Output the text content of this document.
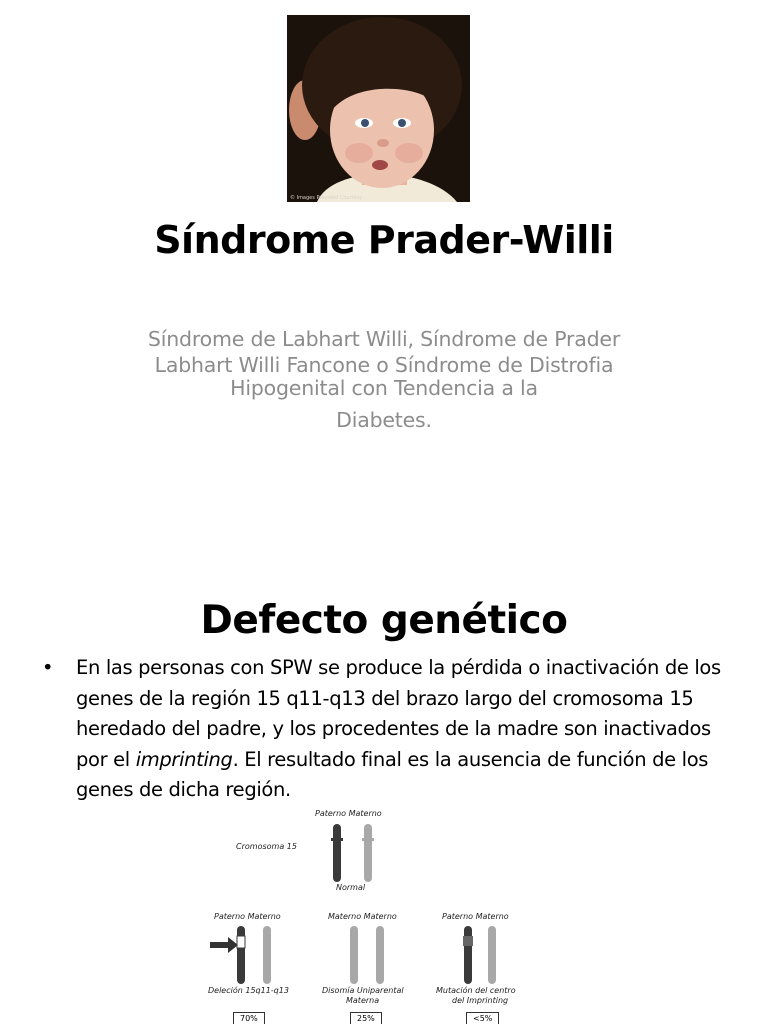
© Images Provided Courtesy
Síndrome Prader-Willi
Síndrome de Labhart Willi, Síndrome de Prader
Labhart Willi Fancone o Síndrome de Distrofia
Hipogenital con Tendencia a la
Diabetes.
Defecto genético
• En las personas con SPW se produce la pérdida o inactivación de los genes de la región 15 q11-q13 del brazo largo del cromosoma 15 heredado del padre, y los procedentes de la madre son inactivados por el imprinting. El resultado final es la ausencia de función de los genes de dicha región.
Paterno Materno
Cromosoma 15
Normal
Paterno Materno	Materno Materno	Paterno Materno
Deleción 15q11-q13	Disomía Uniparental
Materna
Mutación del centro
del Imprinting
70%	25%	<5%
